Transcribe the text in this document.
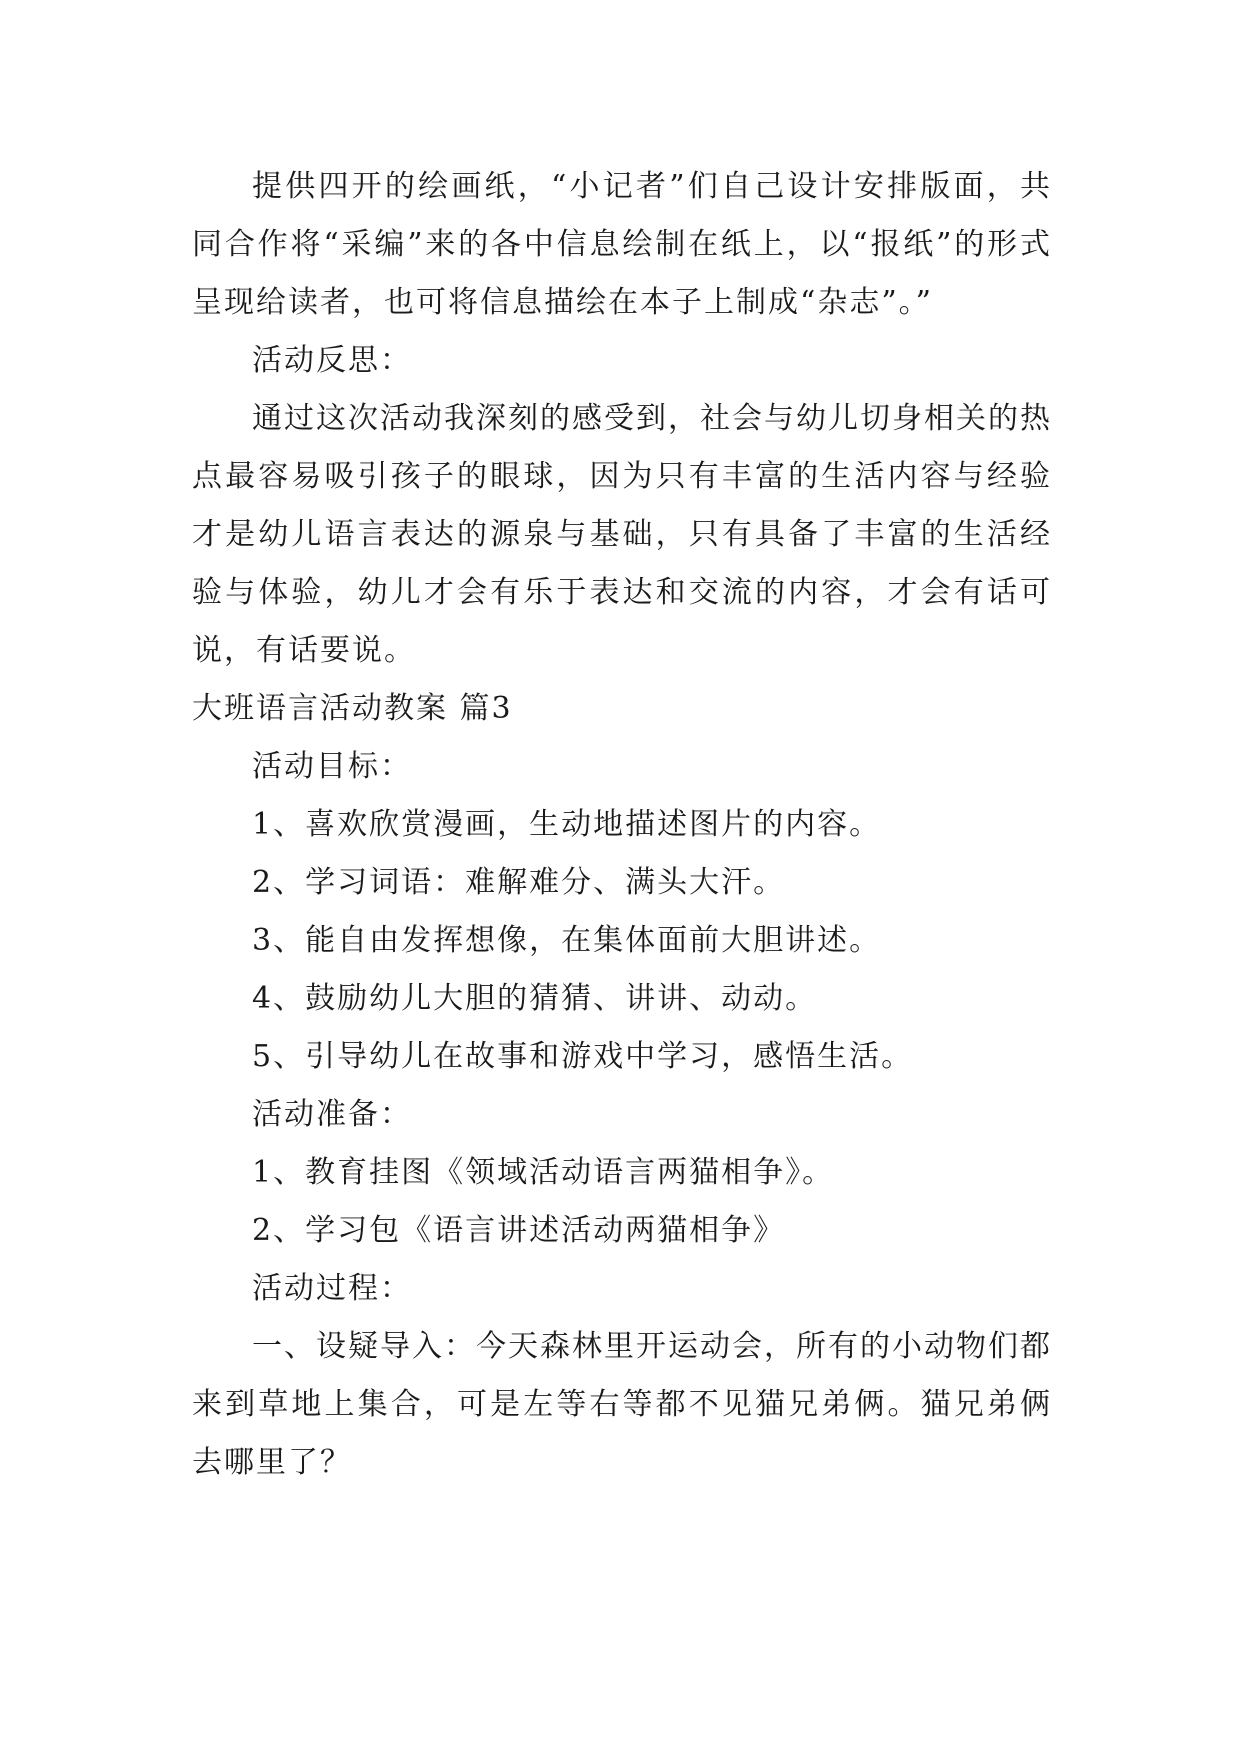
提供四开的绘画纸，“小记者”们自己设计安排版面，共同合作将“采编”来的各中信息绘制在纸上，以“报纸”的形式呈现给读者，也可将信息描绘在本子上制成“杂志”。”

活动反思：

通过这次活动我深刻的感受到，社会与幼儿切身相关的热点最容易吸引孩子的眼球，因为只有丰富的生活内容与经验才是幼儿语言表达的源泉与基础，只有具备了丰富的生活经验与体验，幼儿才会有乐于表达和交流的内容，才会有话可说，有话要说。

大班语言活动教案 篇3

活动目标：

1、喜欢欣赏漫画，生动地描述图片的内容。

2、学习词语：难解难分、满头大汗。

3、能自由发挥想像，在集体面前大胆讲述。

4、鼓励幼儿大胆的猜猜、讲讲、动动。

5、引导幼儿在故事和游戏中学习，感悟生活。

活动准备：

1、教育挂图《领域活动语言两猫相争》。

2、学习包《语言讲述活动两猫相争》

活动过程：

一、设疑导入：今天森林里开运动会，所有的小动物们都来到草地上集合，可是左等右等都不见猫兄弟俩。猫兄弟俩去哪里了？
